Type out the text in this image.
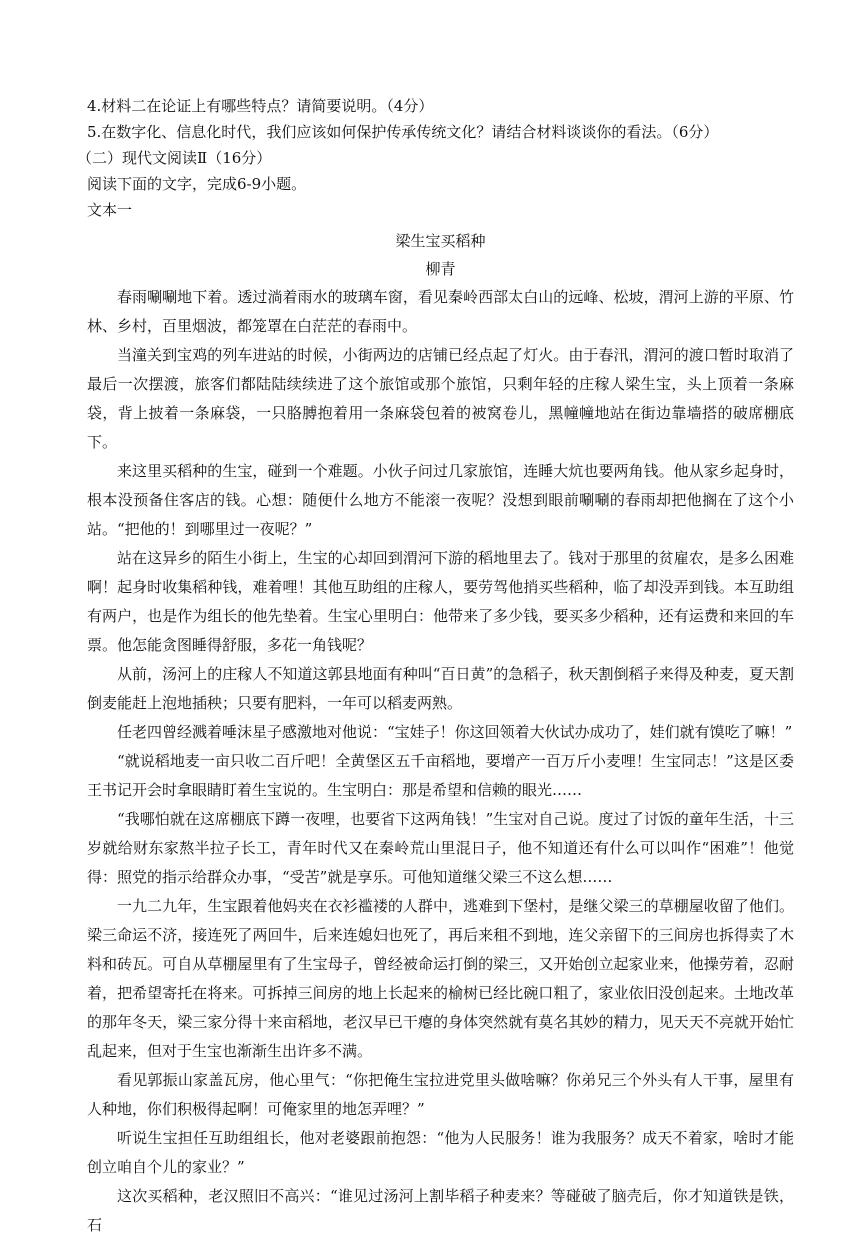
4.材料二在论证上有哪些特点？请简要说明。（4分）

5.在数字化、信息化时代，我们应该如何保护传承传统文化？请结合材料谈谈你的看法。（6分）

（二）现代文阅读Ⅱ（16分）

阅读下面的文字，完成6-9小题。

文本一

梁生宝买稻种

柳青

春雨唰唰地下着。透过淌着雨水的玻璃车窗，看见秦岭西部太白山的远峰、松坡，渭河上游的平原、竹林、乡村，百里烟波，都笼罩在白茫茫的春雨中。

当潼关到宝鸡的列车进站的时候，小街两边的店铺已经点起了灯火。由于春汛，渭河的渡口暂时取消了最后一次摆渡，旅客们都陆陆续续进了这个旅馆或那个旅馆，只剩年轻的庄稼人梁生宝，头上顶着一条麻袋，背上披着一条麻袋，一只胳膊抱着用一条麻袋包着的被窝卷儿，黑幢幢地站在街边靠墙搭的破席棚底下。

来这里买稻种的生宝，碰到一个难题。小伙子问过几家旅馆，连睡大炕也要两角钱。他从家乡起身时，根本没预备住客店的钱。心想：随便什么地方不能滚一夜呢？没想到眼前唰唰的春雨却把他搁在了这个小站。“把他的！到哪里过一夜呢？”

站在这异乡的陌生小街上，生宝的心却回到渭河下游的稻地里去了。钱对于那里的贫雇农，是多么困难啊！起身时收集稻种钱，难着哩！其他互助组的庄稼人，要劳驾他捎买些稻种，临了却没弄到钱。本互助组有两户，也是作为组长的他先垫着。生宝心里明白：他带来了多少钱，要买多少稻种，还有运费和来回的车票。他怎能贪图睡得舒服，多花一角钱呢？

从前，汤河上的庄稼人不知道这郭县地面有种叫“百日黄”的急稻子，秋天割倒稻子来得及种麦，夏天割倒麦能赶上泡地插秧；只要有肥料，一年可以稻麦两熟。

任老四曾经溅着唾沫星子感激地对他说：“宝娃子！你这回领着大伙试办成功了，娃们就有馍吃了嘛！”

“就说稻地麦一亩只收二百斤吧！全黄堡区五千亩稻地，要增产一百万斤小麦哩！生宝同志！”这是区委王书记开会时拿眼睛盯着生宝说的。生宝明白：那是希望和信赖的眼光……

“我哪怕就在这席棚底下蹲一夜哩，也要省下这两角钱！”生宝对自己说。度过了讨饭的童年生活，十三岁就给财东家熬半拉子长工，青年时代又在秦岭荒山里混日子，他不知道还有什么可以叫作“困难”！他觉得：照党的指示给群众办事，“受苦”就是享乐。可他知道继父梁三不这么想……

一九二九年，生宝跟着他妈夹在衣衫褴褛的人群中，逃难到下堡村，是继父梁三的草棚屋收留了他们。梁三命运不济，接连死了两回牛，后来连媳妇也死了，再后来租不到地，连父亲留下的三间房也拆得卖了木料和砖瓦。可自从草棚屋里有了生宝母子，曾经被命运打倒的梁三，又开始创立起家业来，他操劳着，忍耐着，把希望寄托在将来。可拆掉三间房的地上长起来的榆树已经比碗口粗了，家业依旧没创起来。土地改革的那年冬天，梁三家分得十来亩稻地，老汉早已干瘪的身体突然就有莫名其妙的精力，见天天不亮就开始忙乱起来，但对于生宝也渐渐生出许多不满。

看见郭振山家盖瓦房，他心里气：“你把俺生宝拉进党里头做啥嘛？你弟兄三个外头有人干事，屋里有人种地，你们积极得起啊！可俺家里的地怎弄哩？”

听说生宝担任互助组组长，他对老婆跟前抱怨：“他为人民服务！谁为我服务？成天不着家，啥时才能创立咱自个儿的家业？”

这次买稻种，老汉照旧不高兴：“谁见过汤河上割毕稻子种麦来？等碰破了脑壳后，你才知道铁是铁，石
